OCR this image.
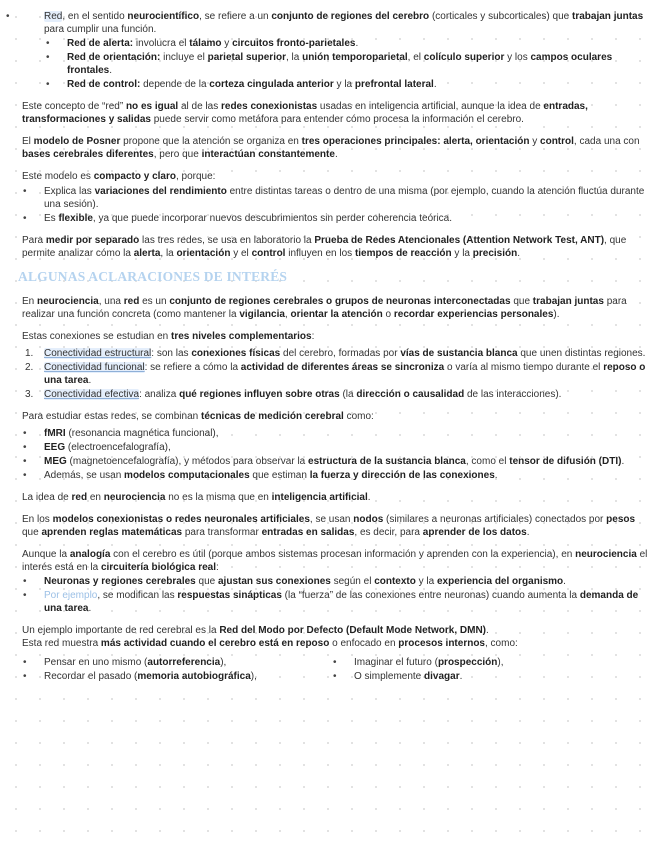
• Red, en el sentido neurocientífico, se refiere a un conjunto de regiones del cerebro (corticales y subcorticales) que trabajan juntas para cumplir una función.
• Red de alerta: involucra el tálamo y circuitos fronto-parietales.
• Red de orientación: incluye el parietal superior, la unión temporoparietal, el colículo superior y los campos oculares frontales.
• Red de control: depende de la corteza cingulada anterior y la prefrontal lateral.

Este concepto de “red” no es igual al de las redes conexionistas usadas en inteligencia artificial, aunque la idea de entradas, transformaciones y salidas puede servir como metáfora para entender cómo procesa la información el cerebro.

El modelo de Posner propone que la atención se organiza en tres operaciones principales: alerta, orientación y control, cada una con bases cerebrales diferentes, pero que interactúan constantemente.

Este modelo es compacto y claro, porque:

• Explica las variaciones del rendimiento entre distintas tareas o dentro de una misma (por ejemplo, cuando la atención fluctúa durante una sesión).
• Es flexible, ya que puede incorporar nuevos descubrimientos sin perder coherencia teórica.

Para medir por separado las tres redes, se usa en laboratorio la Prueba de Redes Atencionales (Attention Network Test, ANT), que permite analizar cómo la alerta, la orientación y el control influyen en los tiempos de reacción y la precisión.

ALGUNAS ACLARACIONES DE INTERÉS

En neurociencia, una red es un conjunto de regiones cerebrales o grupos de neuronas interconectadas que trabajan juntas para realizar una función concreta (como mantener la vigilancia, orientar la atención o recordar experiencias personales).

Estas conexiones se estudian en tres niveles complementarios:

1. Conectividad estructural: son las conexiones físicas del cerebro, formadas por vías de sustancia blanca que unen distintas regiones.
2. Conectividad funcional: se refiere a cómo la actividad de diferentes áreas se sincroniza o varía al mismo tiempo durante el reposo o una tarea.
3. Conectividad efectiva: analiza qué regiones influyen sobre otras (la dirección o causalidad de las interacciones).

Para estudiar estas redes, se combinan técnicas de medición cerebral como:

• fMRI (resonancia magnética funcional),
• EEG (electroencefalografía),
• MEG (magnetoencefalografía), y métodos para observar la estructura de la sustancia blanca, como el tensor de difusión (DTI).
• Además, se usan modelos computacionales que estiman la fuerza y dirección de las conexiones.

La idea de red en neurociencia no es la misma que en inteligencia artificial.

En los modelos conexionistas o redes neuronales artificiales, se usan nodos (similares a neuronas artificiales) conectados por pesos que aprenden reglas matemáticas para transformar entradas en salidas, es decir, para aprender de los datos.

Aunque la analogía con el cerebro es útil (porque ambos sistemas procesan información y aprenden con la experiencia), en neurociencia el interés está en la circuitería biológica real:

• Neuronas y regiones cerebrales que ajustan sus conexiones según el contexto y la experiencia del organismo.
• Por ejemplo, se modifican las respuestas sinápticas (la “fuerza” de las conexiones entre neuronas) cuando aumenta la demanda de una tarea.

Un ejemplo importante de red cerebral es la Red del Modo por Defecto (Default Mode Network, DMN).

Esta red muestra más actividad cuando el cerebro está en reposo o enfocado en procesos internos, como:

• Pensar en uno mismo (autorreferencia),
• Recordar el pasado (memoria autobiográfica),
• Imaginar el futuro (prospección),
• O simplemente divagar.
